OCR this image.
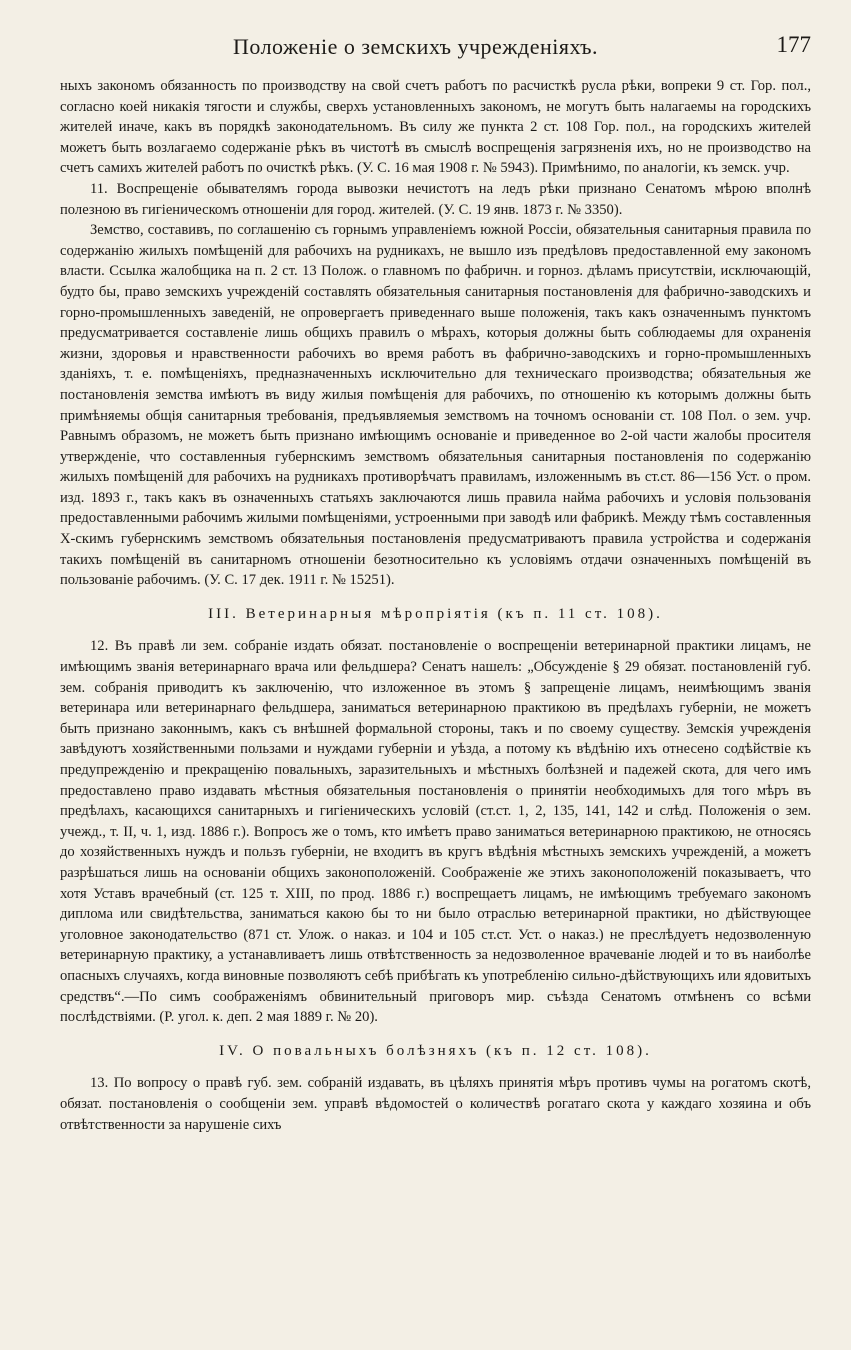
Положеніе о земскихъ учрежденіяхъ.	177

ныхъ закономъ обязанность по производству на свой счетъ работъ по расчисткѣ русла рѣки, вопреки 9 ст. Гор. пол., согласно коей никакія тягости и службы, сверхъ установленныхъ закономъ, не могутъ быть налагаемы на городскихъ жителей иначе, какъ въ порядкѣ законодательномъ. Въ силу же пункта 2 ст. 108 Гор. пол., на городскихъ жителей можетъ быть возлагаемо содержаніе рѣкъ въ чистотѣ въ смыслѣ воспрещенія загрязненія ихъ, но не производство на счетъ самихъ жителей работъ по очисткѣ рѣкъ. (У. С. 16 мая 1908 г. № 5943). Примѣнимо, по аналогіи, къ земск. учр.

11. Воспрещеніе обывателямъ города вывозки нечистотъ на ледъ рѣки признано Сенатомъ мѣрою вполнѣ полезною въ гигіеническомъ отношеніи для город. жителей. (У. С. 19 янв. 1873 г. № 3350).

Земство, составивъ, по соглашенію съ горнымъ управленіемъ южной Россіи, обязательныя санитарныя правила по содержанію жилыхъ помѣщеній для рабочихъ на рудникахъ, не вышло изъ предѣловъ предоставленной ему закономъ власти. Ссылка жалобщика на п. 2 ст. 13 Полож. о главномъ по фабричн. и горноз. дѣламъ присутствіи, исключающій, будто бы, право земскихъ учрежденій составлять обязательныя санитарныя постановленія для фабрично-заводскихъ и горно-промышленныхъ заведеній, не опровергаетъ приведеннаго выше положенія, такъ какъ означеннымъ пунктомъ предусматривается составленіе лишь общихъ правилъ о мѣрахъ, которыя должны быть соблюдаемы для охраненія жизни, здоровья и нравственности рабочихъ во время работъ въ фабрично-заводскихъ и горно-промышленныхъ зданіяхъ, т. е. помѣщеніяхъ, предназначенныхъ исключительно для техническаго производства; обязательныя же постановленія земства имѣютъ въ виду жилыя помѣщенія для рабочихъ, по отношенію къ которымъ должны быть примѣняемы общія санитарныя требованія, предъявляемыя земствомъ на точномъ основаніи ст. 108 Пол. о зем. учр. Равнымъ образомъ, не можетъ быть признано имѣющимъ основаніе и приведенное во 2-ой части жалобы просителя утвержденіе, что составленныя губернскимъ земствомъ обязательныя санитарныя постановленія по содержанію жилыхъ помѣщеній для рабочихъ на рудникахъ противорѣчатъ правиламъ, изложеннымъ въ ст.ст. 86—156 Уст. о пром. изд. 1893 г., такъ какъ въ означенныхъ статьяхъ заключаются лишь правила найма рабочихъ и условія пользованія предоставленными рабочимъ жилыми помѣщеніями, устроенными при заводѣ или фабрикѣ. Между тѣмъ составленныя Х-скимъ губернскимъ земствомъ обязательныя постановленія предусматриваютъ правила устройства и содержанія такихъ помѣщеній въ санитарномъ отношеніи безотносительно къ условіямъ отдачи означенныхъ помѣщеній въ пользованіе рабочимъ. (У. С. 17 дек. 1911 г. № 15251).

III. Ветеринарныя мѣропріятія (къ п. 11 ст. 108).

12. Въ правѣ ли зем. собраніе издать обязат. постановленіе о воспрещеніи ветеринарной практики лицамъ, не имѣющимъ званія ветеринарнаго врача или фельдшера? Сенатъ нашелъ: „Обсужденіе § 29 обязат. постановленій губ. зем. собранія приводитъ къ заключенію, что изложенное въ этомъ § запрещеніе лицамъ, неимѣющимъ званія ветеринара или ветеринарнаго фельдшера, заниматься ветеринарною практикою въ предѣлахъ губерніи, не можетъ быть признано законнымъ, какъ съ внѣшней формальной стороны, такъ и по своему существу. Земскія учрежденія завѣдуютъ хозяйственными пользами и нуждами губерніи и уѣзда, а потому къ вѣдѣнію ихъ отнесено содѣйствіе къ предупрежденію и прекращенію повальныхъ, заразительныхъ и мѣстныхъ болѣзней и падежей скота, для чего имъ предоставлено право издавать мѣстныя обязательныя постановленія о принятіи необходимыхъ для того мѣръ въ предѣлахъ, касающихся санитарныхъ и гигіеническихъ условій (ст.ст. 1, 2, 135, 141, 142 и слѣд. Положенія о зем. учежд., т. II, ч. 1, изд. 1886 г.). Вопросъ же о томъ, кто имѣетъ право заниматься ветеринарною практикою, не относясь до хозяйственныхъ нуждъ и пользъ губерніи, не входитъ въ кругъ вѣдѣнія мѣстныхъ земскихъ учрежденій, а можетъ разрѣшаться лишь на основаніи общихъ законоположеній. Соображеніе же этихъ законоположеній показываетъ, что хотя Уставъ врачебный (ст. 125 т. XIII, по прод. 1886 г.) воспрещаетъ лицамъ, не имѣющимъ требуемаго закономъ диплома или свидѣтельства, заниматься какою бы то ни было отраслью ветеринарной практики, но дѣйствующее уголовное законодательство (871 ст. Улож. о наказ. и 104 и 105 ст.ст. Уст. о наказ.) не преслѣдуетъ недозволенную ветеринарную практику, а устанавливаетъ лишь отвѣтственность за недозволенное врачеваніе людей и то въ наиболѣе опасныхъ случаяхъ, когда виновные позволяютъ себѣ прибѣгать къ употребленію сильно-дѣйствующихъ или ядовитыхъ средствъ“.—По симъ соображеніямъ обвинительный приговоръ мир. съѣзда Сенатомъ отмѣненъ со всѣми послѣдствіями. (Р. угол. к. деп. 2 мая 1889 г. № 20).

IV. О повальныхъ болѣзняхъ (къ п. 12 ст. 108).

13. По вопросу о правѣ губ. зем. собраній издавать, въ цѣляхъ принятія мѣръ противъ чумы на рогатомъ скотѣ, обязат. постановленія о сообщеніи зем. управѣ вѣдомостей о количествѣ рогатаго скота у каждаго хозяина и объ отвѣтственности за нарушеніе сихъ
